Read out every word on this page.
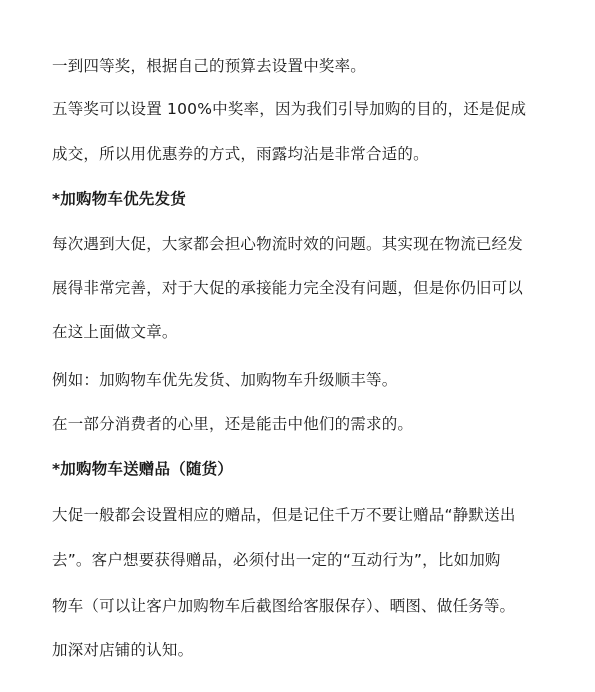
一到四等奖，根据自己的预算去设置中奖率。
五等奖可以设置 100%中奖率，因为我们引导加购的目的，还是促成
成交，所以用优惠券的方式，雨露均沾是非常合适的。
*加购物车优先发货
每次遇到大促，大家都会担心物流时效的问题。其实现在物流已经发
展得非常完善，对于大促的承接能力完全没有问题，但是你仍旧可以
在这上面做文章。
例如：加购物车优先发货、加购物车升级顺丰等。
在一部分消费者的心里，还是能击中他们的需求的。
*加购物车送赠品（随货）
大促一般都会设置相应的赠品，但是记住千万不要让赠品“静默送出
去”。客户想要获得赠品，必须付出一定的“互动行为”，比如加购
物车（可以让客户加购物车后截图给客服保存）、晒图、做任务等。
加深对店铺的认知。
